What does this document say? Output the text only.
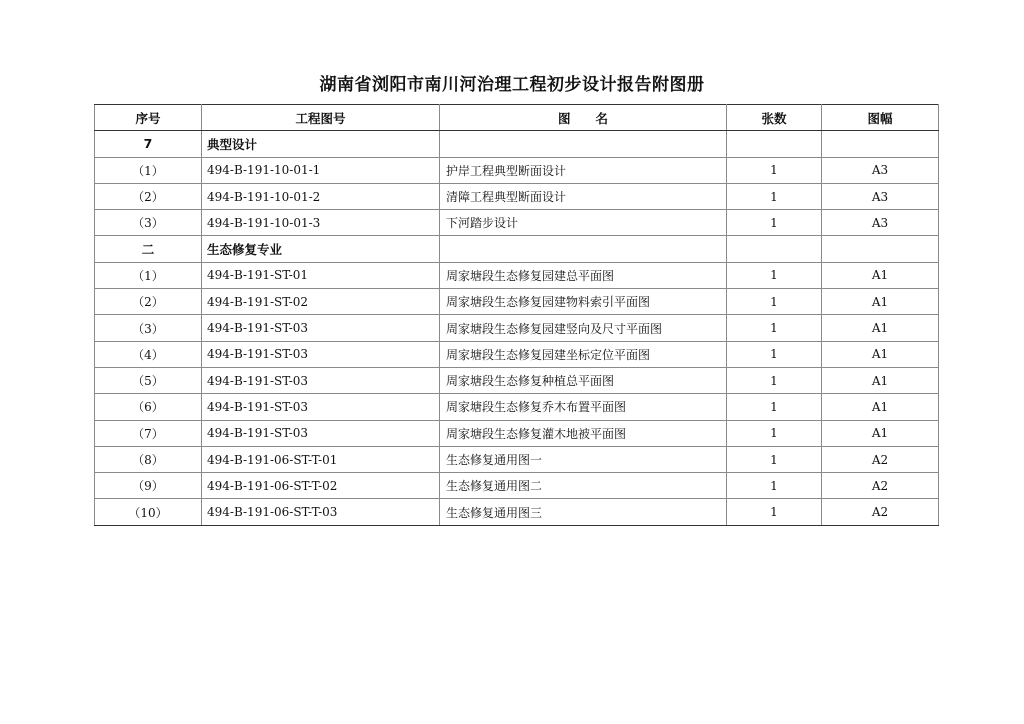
湖南省浏阳市南川河治理工程初步设计报告附图册
序号	工程图号	图　　名	张数	图幅
7	典型设计			
（1）	494-B-191-10-01-1	护岸工程典型断面设计	1	A3
（2）	494-B-191-10-01-2	清障工程典型断面设计	1	A3
（3）	494-B-191-10-01-3	下河踏步设计	1	A3
二	生态修复专业			
（1）	494-B-191-ST-01	周家塘段生态修复园建总平面图	1	A1
（2）	494-B-191-ST-02	周家塘段生态修复园建物料索引平面图	1	A1
（3）	494-B-191-ST-03	周家塘段生态修复园建竖向及尺寸平面图	1	A1
（4）	494-B-191-ST-03	周家塘段生态修复园建坐标定位平面图	1	A1
（5）	494-B-191-ST-03	周家塘段生态修复种植总平面图	1	A1
（6）	494-B-191-ST-03	周家塘段生态修复乔木布置平面图	1	A1
（7）	494-B-191-ST-03	周家塘段生态修复灌木地被平面图	1	A1
（8）	494-B-191-06-ST-T-01	生态修复通用图一	1	A2
（9）	494-B-191-06-ST-T-02	生态修复通用图二	1	A2
（10）	494-B-191-06-ST-T-03	生态修复通用图三	1	A2
